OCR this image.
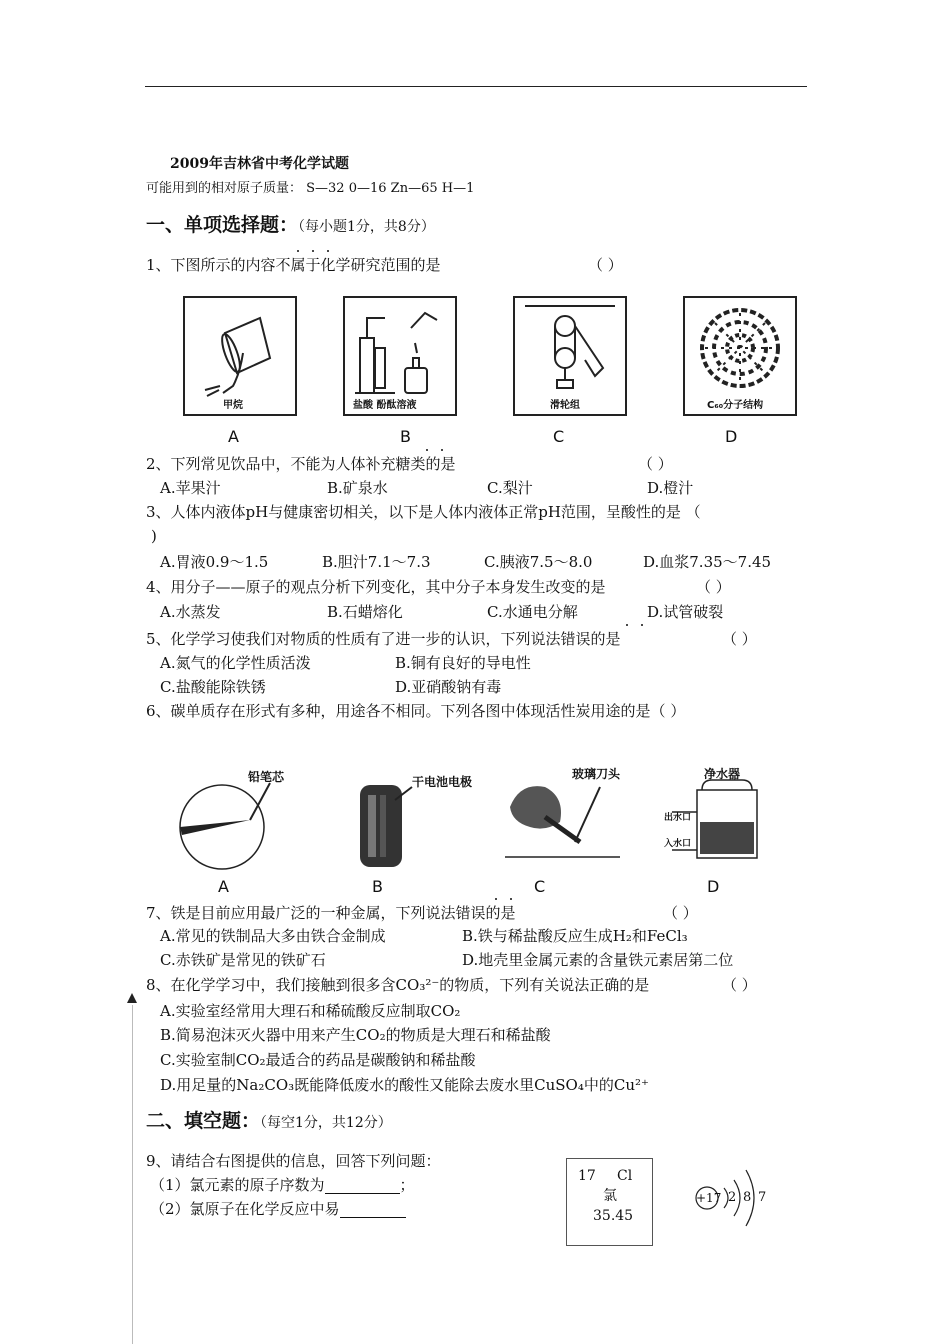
2009年吉林省中考化学试题
可能用到的相对原子质量： S—32 0—16 Zn—65 H—1
一、单项选择题：（每小题1分，共8分）
1、下图所示的内容不属于化学研究范围的是	（ ）
甲烷	盐酸 酚酞溶液	滑轮组	C₆₀分子结构
A	B	C	D
2、下列常见饮品中，不能为人体补充糖类的是	（ ）
A.苹果汁	B.矿泉水	C.梨汁	D.橙汁
3、人体内液体pH与健康密切相关，以下是人体内液体正常pH范围，呈酸性的是 （
)
A.胃液0.9～1.5	B.胆汁7.1～7.3	C.胰液7.5～8.0	D.血浆7.35～7.45
4、用分子——原子的观点分析下列变化，其中分子本身发生改变的是	（ ）
A.水蒸发	B.石蜡熔化	C.水通电分解	D.试管破裂
5、化学学习使我们对物质的性质有了进一步的认识，下列说法错误的是	（ ）
A.氮气的化学性质活泼	B.铜有良好的导电性
C.盐酸能除铁锈	D.亚硝酸钠有毒
6、碳单质存在形式有多种，用途各不相同。下列各图中体现活性炭用途的是（ ）
铅笔芯	干电池电极
玻璃刀头	净水器
出水口
入水口
A	B	C	D
7、铁是目前应用最广泛的一种金属，下列说法错误的是	（ ）
A.常见的铁制品大多由铁合金制成	B.铁与稀盐酸反应生成H₂和FeCl₃
C.赤铁矿是常见的铁矿石	D.地壳里金属元素的含量铁元素居第二位
8、在化学学习中，我们接触到很多含CO₃²⁻的物质，下列有关说法正确的是	（ ）
A.实验室经常用大理石和稀硫酸反应制取CO₂
B.简易泡沫灭火器中用来产生CO₂的物质是大理石和稀盐酸
C.实验室制CO₂最适合的药品是碳酸钠和稀盐酸
D.用足量的Na₂CO₃既能降低废水的酸性又能除去废水里CuSO₄中的Cu²⁺
二、填空题：（每空1分，共12分）
9、请结合右图提供的信息，回答下列问题：
（1）氯元素的原子序数为	；
（2）氯原子在化学反应中易
17 Cl
氯
35.45
+17 2 8 7
